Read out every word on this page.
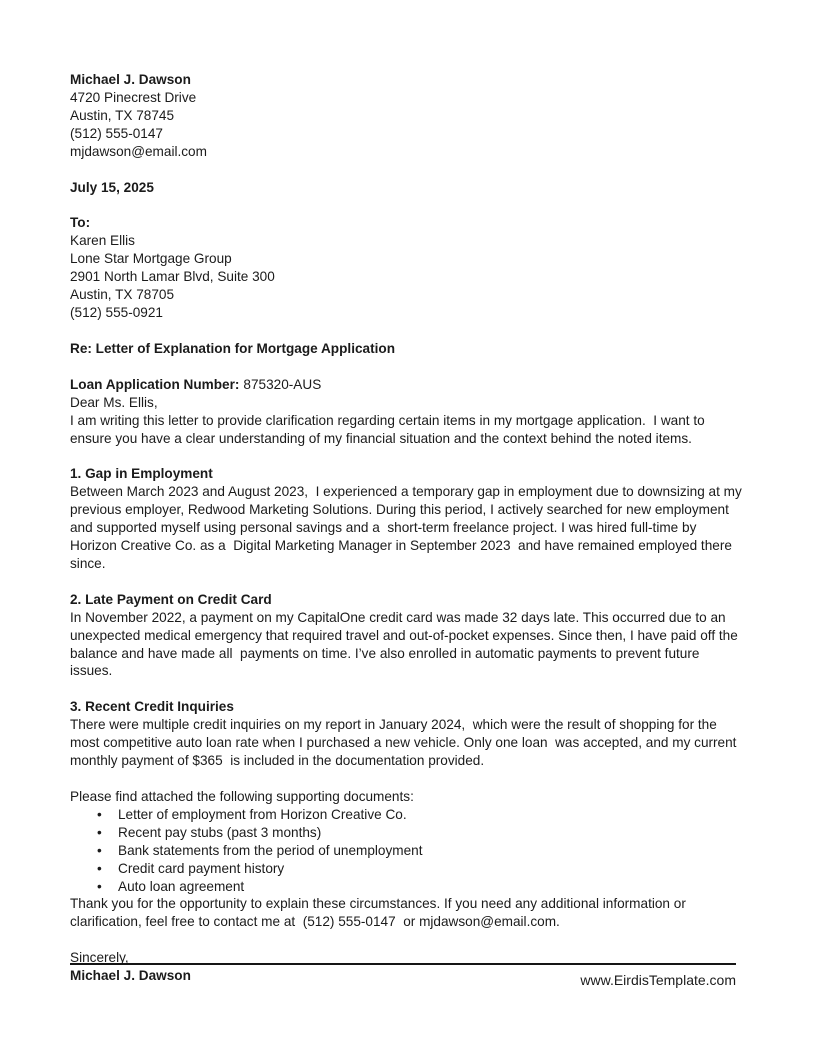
Michael J. Dawson
4720 Pinecrest Drive
Austin, TX 78745
(512) 555-0147
mjdawson@email.com
July 15, 2025
To:
Karen Ellis
Lone Star Mortgage Group
2901 North Lamar Blvd, Suite 300
Austin, TX 78705
(512) 555-0921
Re: Letter of Explanation for Mortgage Application
Loan Application Number: 875320-AUS
Dear Ms. Ellis,

I am writing this letter to provide clarification regarding certain items in my mortgage application.  I want to ensure you have a clear understanding of my financial situation and the context behind the noted items.

1. Gap in Employment

Between March 2023 and August 2023,  I experienced a temporary gap in employment due to downsizing at my previous employer, Redwood Marketing Solutions. During this period, I actively searched for new employment and supported myself using personal savings and a  short-term freelance project. I was hired full-time by Horizon Creative Co. as a  Digital Marketing Manager in September 2023  and have remained employed there since.

2. Late Payment on Credit Card

In November 2022, a payment on my CapitalOne credit card was made 32 days late. This occurred due to an unexpected medical emergency that required travel and out-of-pocket expenses. Since then, I have paid off the balance and have made all  payments on time. I’ve also enrolled in automatic payments to prevent future issues.

3. Recent Credit Inquiries

There were multiple credit inquiries on my report in January 2024,  which were the result of shopping for the most competitive auto loan rate when I purchased a new vehicle. Only one loan  was accepted, and my current monthly payment of $365  is included in the documentation provided.

Please find attached the following supporting documents:
• Letter of employment from Horizon Creative Co.
• Recent pay stubs (past 3 months)
• Bank statements from the period of unemployment
• Credit card payment history
• Auto loan agreement

Thank you for the opportunity to explain these circumstances. If you need any additional information or clarification, feel free to contact me at  (512) 555-0147  or mjdawson@email.com.

Sincerely,
Michael J. Dawson	www.EirdisTemplate.com
